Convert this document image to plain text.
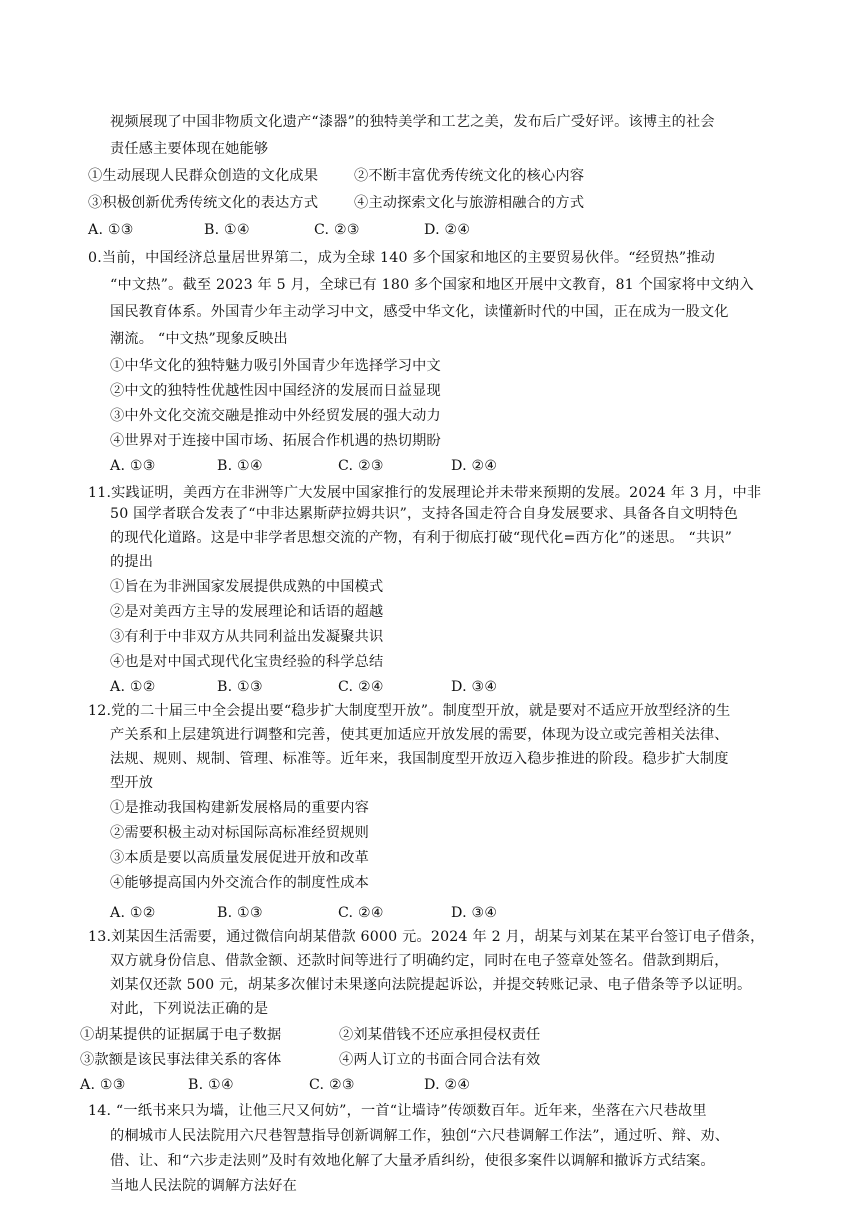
视频展现了中国非物质文化遗产“漆器”的独特美学和工艺之美，发布后广受好评。该博主的社会
责任感主要体现在她能够
①生动展现人民群众创造的文化成果	②不断丰富优秀传统文化的核心内容
③积极创新优秀传统文化的表达方式	④主动探索文化与旅游相融合的方式
A. ①③	B. ①④	C. ②③	D. ②④
0.当前，中国经济总量居世界第二，成为全球 140 多个国家和地区的主要贸易伙伴。“经贸热”推动
“中文热”。截至 2023 年 5 月，全球已有 180 多个国家和地区开展中文教育，81 个国家将中文纳入
国民教育体系。外国青少年主动学习中文，感受中华文化，读懂新时代的中国，正在成为一股文化
潮流。 “中文热”现象反映出
①中华文化的独特魅力吸引外国青少年选择学习中文
②中文的独特性优越性因中国经济的发展而日益显现
③中外文化交流交融是推动中外经贸发展的强大动力
④世界对于连接中国市场、拓展合作机遇的热切期盼
A. ①③	B. ①④	C. ②③	D. ②④
11.实践证明，美西方在非洲等广大发展中国家推行的发展理论并未带来预期的发展。2024 年 3 月，中非
50 国学者联合发表了“中非达累斯萨拉姆共识”，支持各国走符合自身发展要求、具备各自文明特色
的现代化道路。这是中非学者思想交流的产物，有利于彻底打破“现代化=西方化”的迷思。 “共识”
的提出
①旨在为非洲国家发展提供成熟的中国模式
②是对美西方主导的发展理论和话语的超越
③有利于中非双方从共同利益出发凝聚共识
④也是对中国式现代化宝贵经验的科学总结
A. ①②	B. ①③	C. ②④	D. ③④
12.党的二十届三中全会提出要“稳步扩大制度型开放”。制度型开放，就是要对不适应开放型经济的生
产关系和上层建筑进行调整和完善，使其更加适应开放发展的需要，体现为设立或完善相关法律、
法规、规则、规制、管理、标准等。近年来，我国制度型开放迈入稳步推进的阶段。稳步扩大制度
型开放
①是推动我国构建新发展格局的重要内容
②需要积极主动对标国际高标准经贸规则
③本质是要以高质量发展促进开放和改革
④能够提高国内外交流合作的制度性成本
A. ①②	B. ①③	C. ②④	D. ③④
13.刘某因生活需要，通过微信向胡某借款 6000 元。2024 年 2 月，胡某与刘某在某平台签订电子借条，
双方就身份信息、借款金额、还款时间等进行了明确约定，同时在电子签章处签名。借款到期后，
刘某仅还款 500 元，胡某多次催讨未果遂向法院提起诉讼，并提交转账记录、电子借条等予以证明。
对此，下列说法正确的是
①胡某提供的证据属于电子数据	②刘某借钱不还应承担侵权责任
③款额是该民事法律关系的客体	④两人订立的书面合同合法有效
A. ①③	B. ①④	C. ②③	D. ②④
14. “一纸书来只为墙，让他三尺又何妨”，一首“让墙诗”传颂数百年。近年来，坐落在六尺巷故里
的桐城市人民法院用六尺巷智慧指导创新调解工作，独创“六尺巷调解工作法”，通过听、辩、劝、
借、让、和“六步走法则”及时有效地化解了大量矛盾纠纷，使很多案件以调解和撤诉方式结案。
当地人民法院的调解方法好在
